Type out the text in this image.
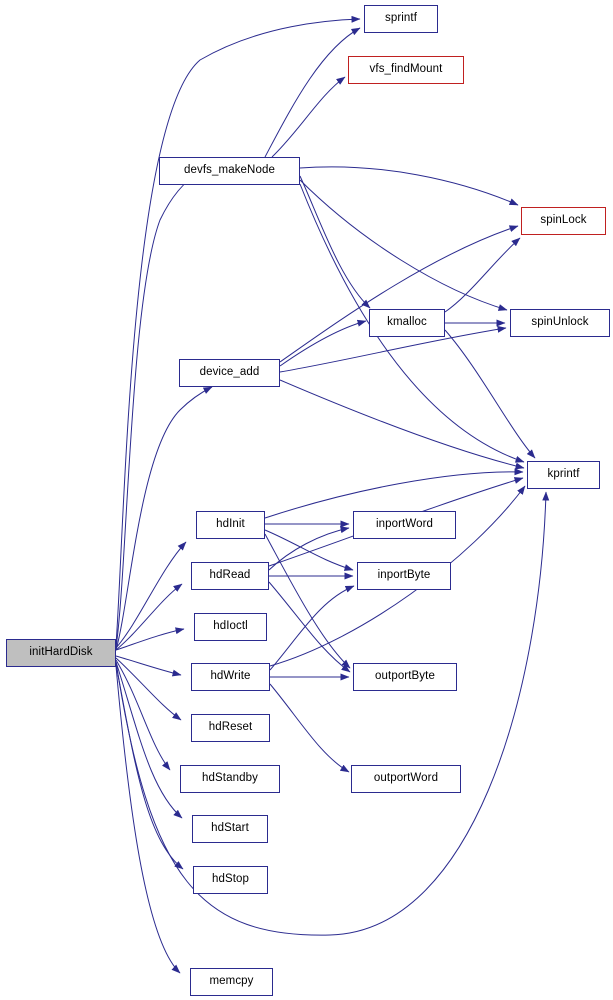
initHardDisk
sprintf
vfs_findMount
devfs_makeNode
spinLock
kmalloc	spinUnlock
device_add
kprintf
hdInit	inportWord
hdRead	inportByte
hdIoctl
hdWrite	outportByte
hdReset
hdStandby	outportWord
hdStart
hdStop
memcpy
